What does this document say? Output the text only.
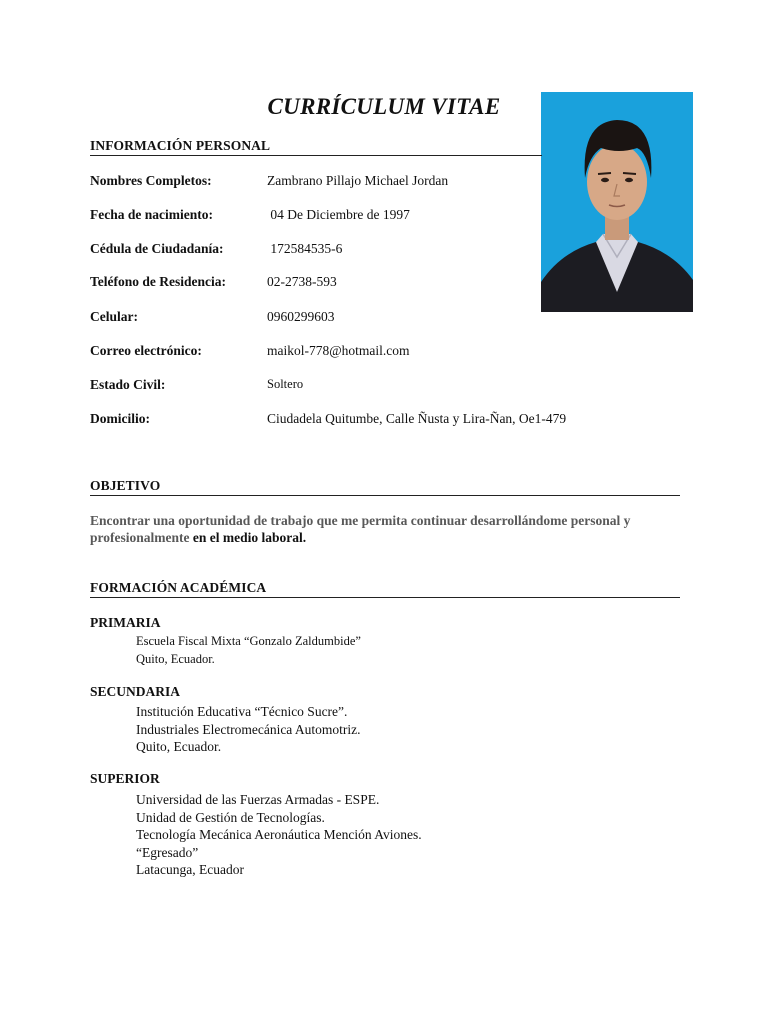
CURRÍCULUM VITAE
INFORMACIÓN PERSONAL
Nombres Completos:	Zambrano Pillajo Michael Jordan
Fecha de nacimiento:	04 De Diciembre de 1997
Cédula de Ciudadanía:	172584535-6
Teléfono de Residencia:	02-2738-593
Celular:	0960299603
Correo electrónico:	maikol-778@hotmail.com
Estado Civil:	Soltero
Domicilio:	Ciudadela Quitumbe, Calle Ñusta y Lira-Ñan, Oe1-479
OBJETIVO
Encontrar una oportunidad de trabajo que me permita continuar desarrollándome personal y profesionalmente en el medio laboral.
FORMACIÓN ACADÉMICA
PRIMARIA
Escuela Fiscal Mixta “Gonzalo Zaldumbide”
Quito, Ecuador.
SECUNDARIA
Institución Educativa “Técnico Sucre”.
Industriales Electromecánica Automotriz.
Quito, Ecuador.
SUPERIOR
Universidad de las Fuerzas Armadas - ESPE.
Unidad de Gestión de Tecnologías.
Tecnología Mecánica Aeronáutica Mención Aviones.
“Egresado”
Latacunga, Ecuador
